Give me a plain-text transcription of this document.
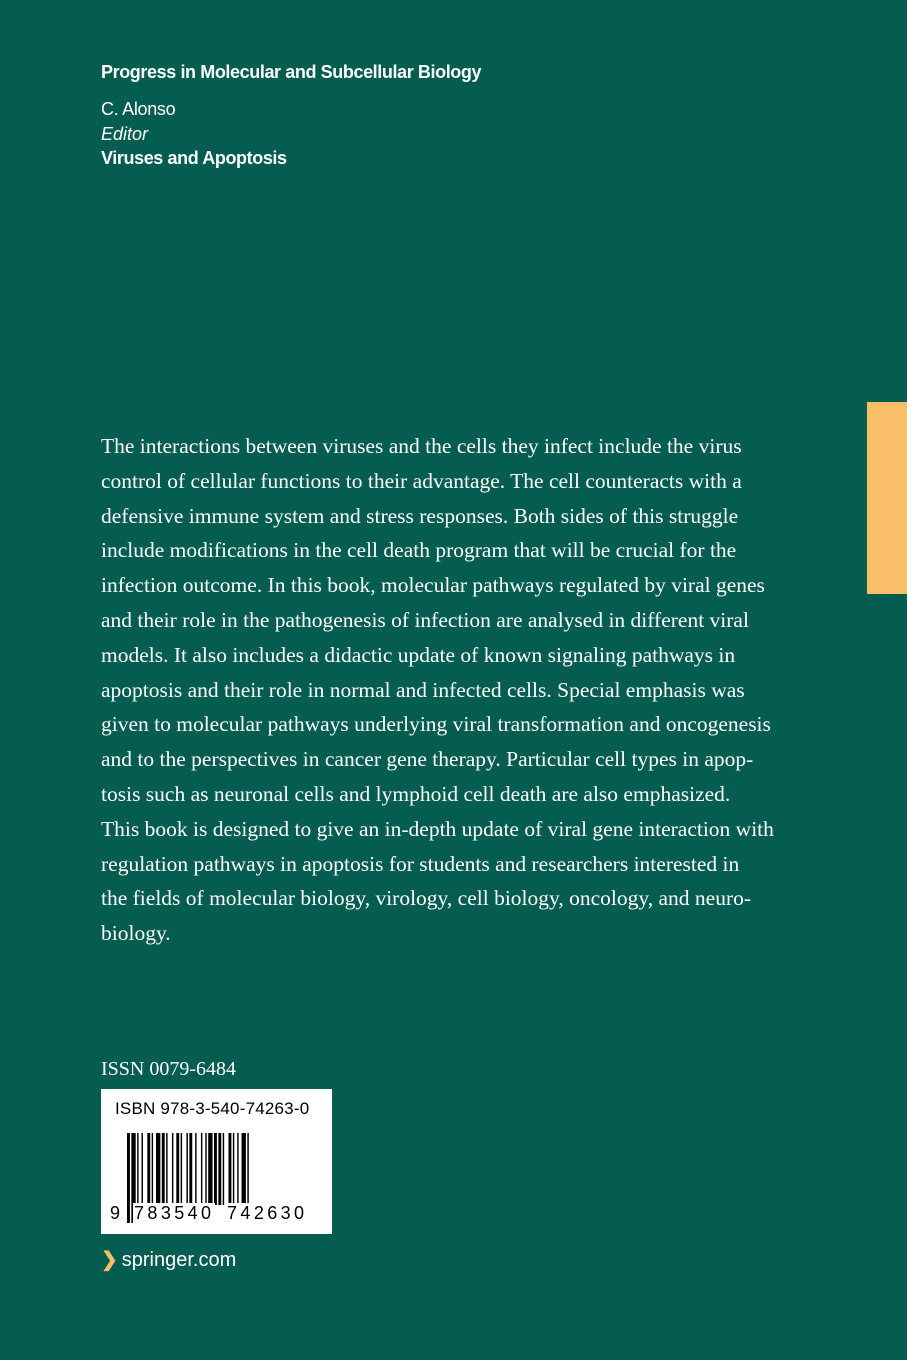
Progress in Molecular and Subcellular Biology
C. Alonso
Editor
Viruses and Apoptosis
The interactions between viruses and the cells they infect include the virus
control of cellular functions to their advantage. The cell counteracts with a
defensive immune system and stress responses. Both sides of this struggle
include modifications in the cell death program that will be crucial for the
infection outcome. In this book, molecular pathways regulated by viral genes
and their role in the pathogenesis of infection are analysed in different viral
models. It also includes a didactic update of known signaling pathways in
apoptosis and their role in normal and infected cells. Special emphasis was
given to molecular pathways underlying viral transformation and oncogenesis
and to the perspectives in cancer gene therapy. Particular cell types in apop-
tosis such as neuronal cells and lymphoid cell death are also emphasized.
This book is designed to give an in-depth update of viral gene interaction with
regulation pathways in apoptosis for students and researchers interested in
the fields of molecular biology, virology, cell biology, oncology, and neuro-
biology.
ISSN 0079-6484
ISBN 978-3-540-74263-0
9 783540 742630
❯ springer.com
